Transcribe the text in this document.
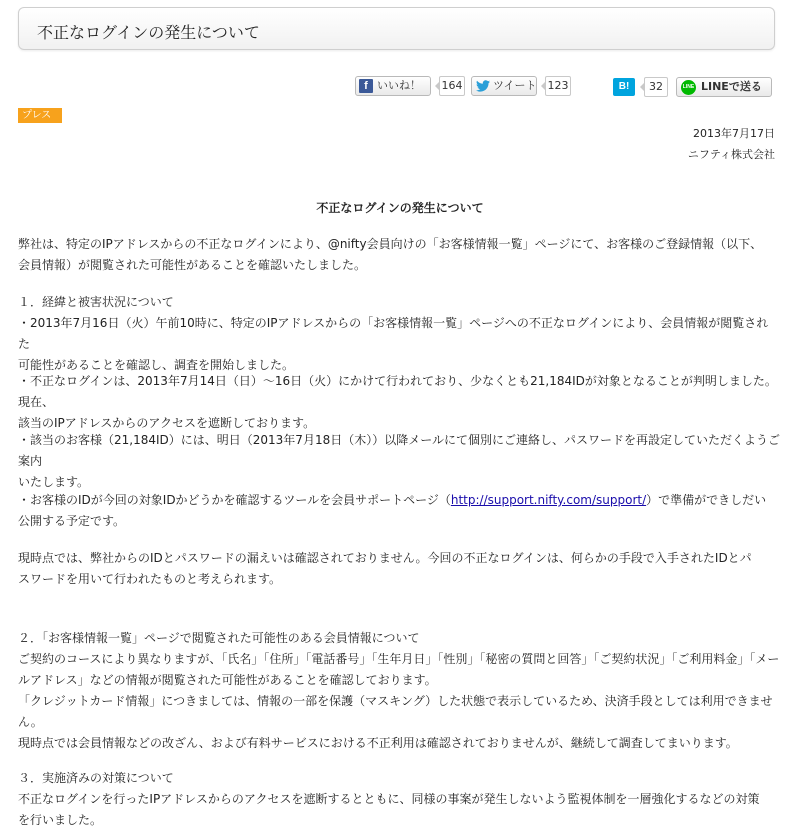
不正なログインの発生について
f いいね！ 164	ツイート 123	B!	32	LINE LINEで送る
プレス
2013年7月17日
ニフティ株式会社
不正なログインの発生について

弊社は、特定のIPアドレスからの不正なログインにより、@nifty会員向けの「お客様情報一覧」ページにて、お客様のご登録情報（以下、
会員情報）が閲覧された可能性があることを確認いたしました。

１．経緯と被害状況について

・2013年7月16日（火）午前10時に、特定のIPアドレスからの「お客様情報一覧」ページへの不正なログインにより、会員情報が閲覧された
可能性があることを確認し、調査を開始しました。

・不正なログインは、2013年7月14日（日）～16日（火）にかけて行われており、少なくとも21,184IDが対象となることが判明しました。現在、
該当のIPアドレスからのアクセスを遮断しております。

・該当のお客様（21,184ID）には、明日（2013年7月18日（木））以降メールにて個別にご連絡し、パスワードを再設定していただくようご案内
いたします。

・お客様のIDが今回の対象IDかどうかを確認するツールを会員サポートページ（http://support.nifty.com/support/）で準備ができしだい
公開する予定です。

現時点では、弊社からのIDとパスワードの漏えいは確認されておりません。今回の不正なログインは、何らかの手段で入手されたIDとパ
スワードを用いて行われたものと考えられます。

２．「お客様情報一覧」ページで閲覧された可能性のある会員情報について

ご契約のコースにより異なりますが、「氏名」「住所」「電話番号」「生年月日」「性別」「秘密の質問と回答」「ご契約状況」「ご利用料金」「メー
ルアドレス」などの情報が閲覧された可能性があることを確認しております。
「クレジットカード情報」につきましては、情報の一部を保護（マスキング）した状態で表示しているため、決済手段としては利用できません。
現時点では会員情報などの改ざん、および有料サービスにおける不正利用は確認されておりませんが、継続して調査してまいります。

３．実施済みの対策について

不正なログインを行ったIPアドレスからのアクセスを遮断するとともに、同様の事案が発生しないよう監視体制を一層強化するなどの対策
を行いました。
